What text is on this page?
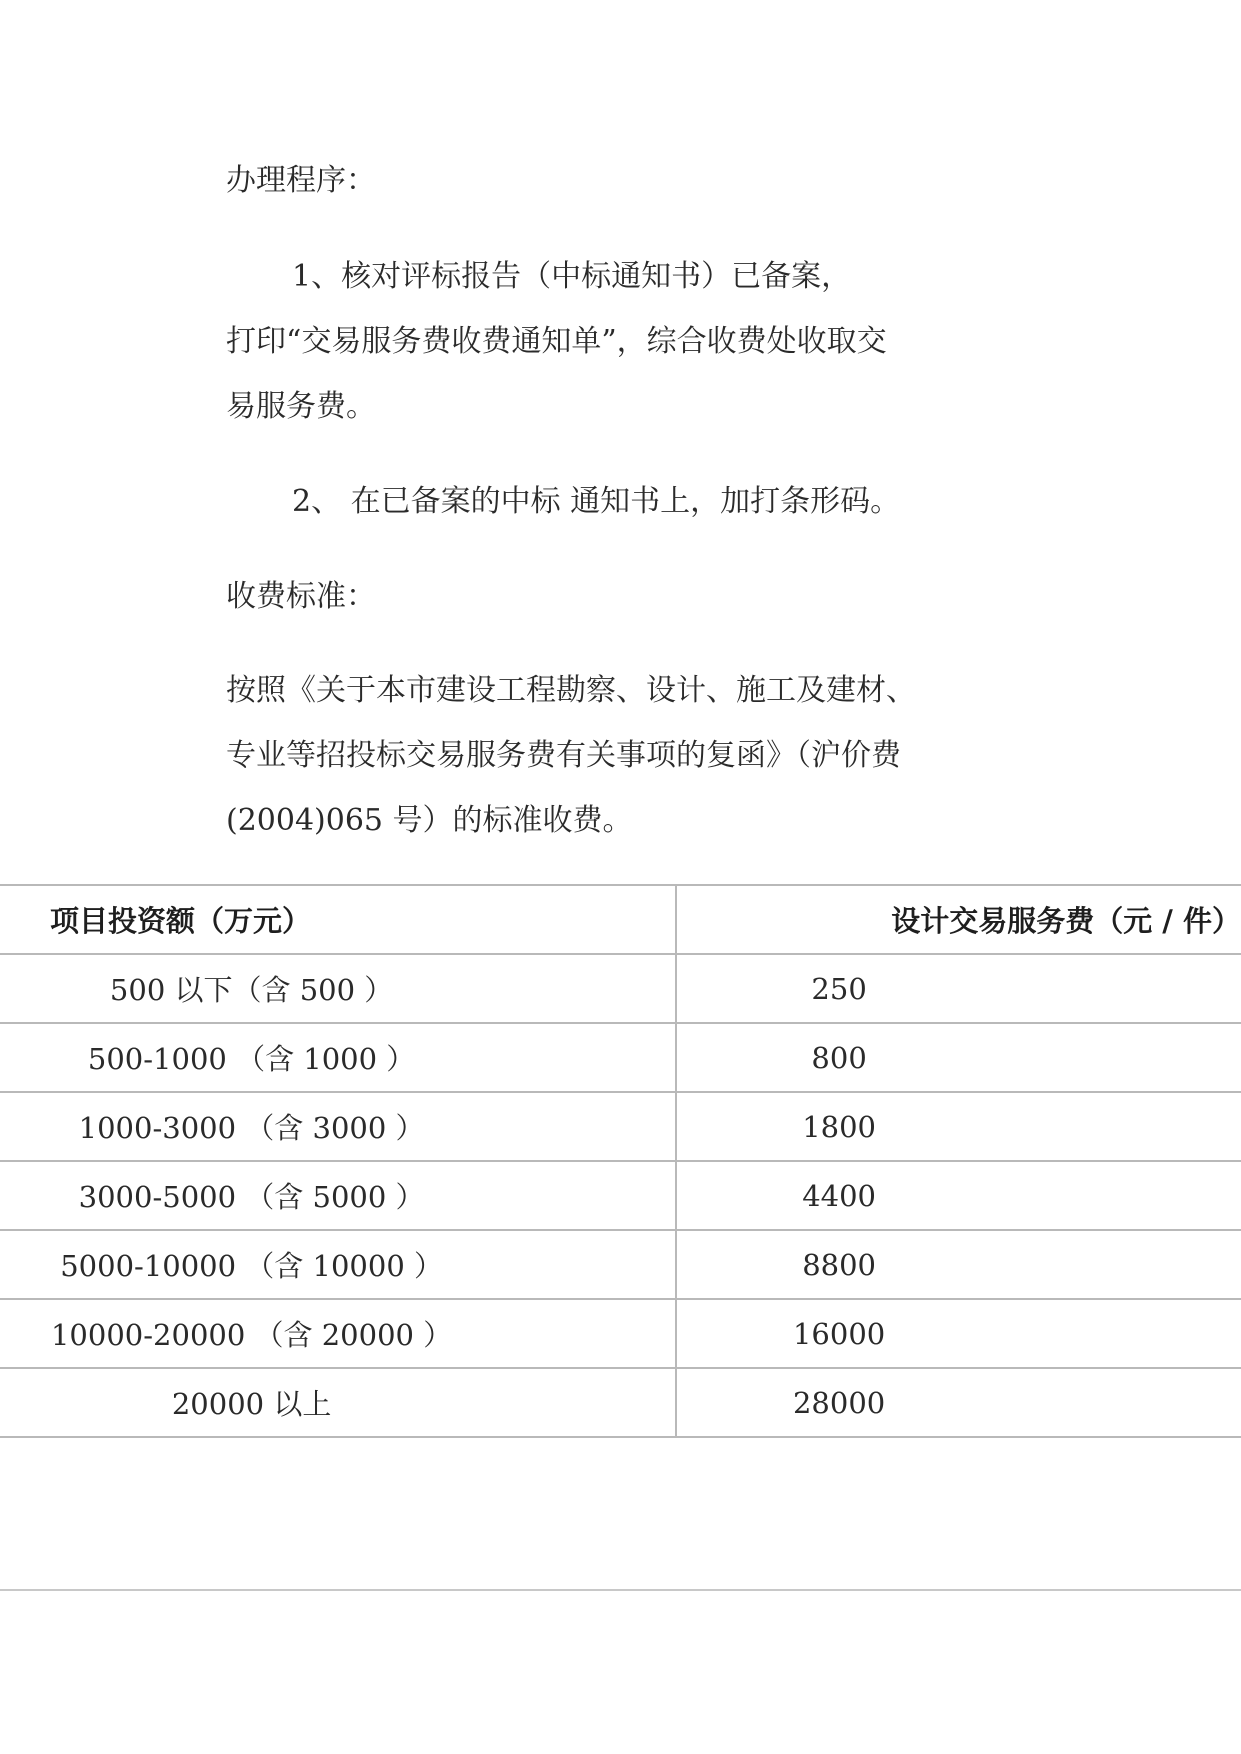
办理程序：
1、核对评标报告（中标通知书）已备案，
打印“交易服务费收费通知单”，综合收费处收取交
易服务费。
2、 在已备案的中标 通知书上，加打条形码。
收费标准：
按照《关于本市建设工程勘察、设计、施工及建材、
专业等招投标交易服务费有关事项的复函》（沪价费
(2004)065 号）的标准收费。
项目投资额（万元）	设计交易服务费（元 / 件）
500 以下（含 500 ）	250
500-1000 （含 1000 ）	800
1000-3000 （含 3000 ）	1800
3000-5000 （含 5000 ）	4400
5000-10000 （含 10000 ）	8800
10000-20000 （含 20000 ）	16000
20000 以上	28000
